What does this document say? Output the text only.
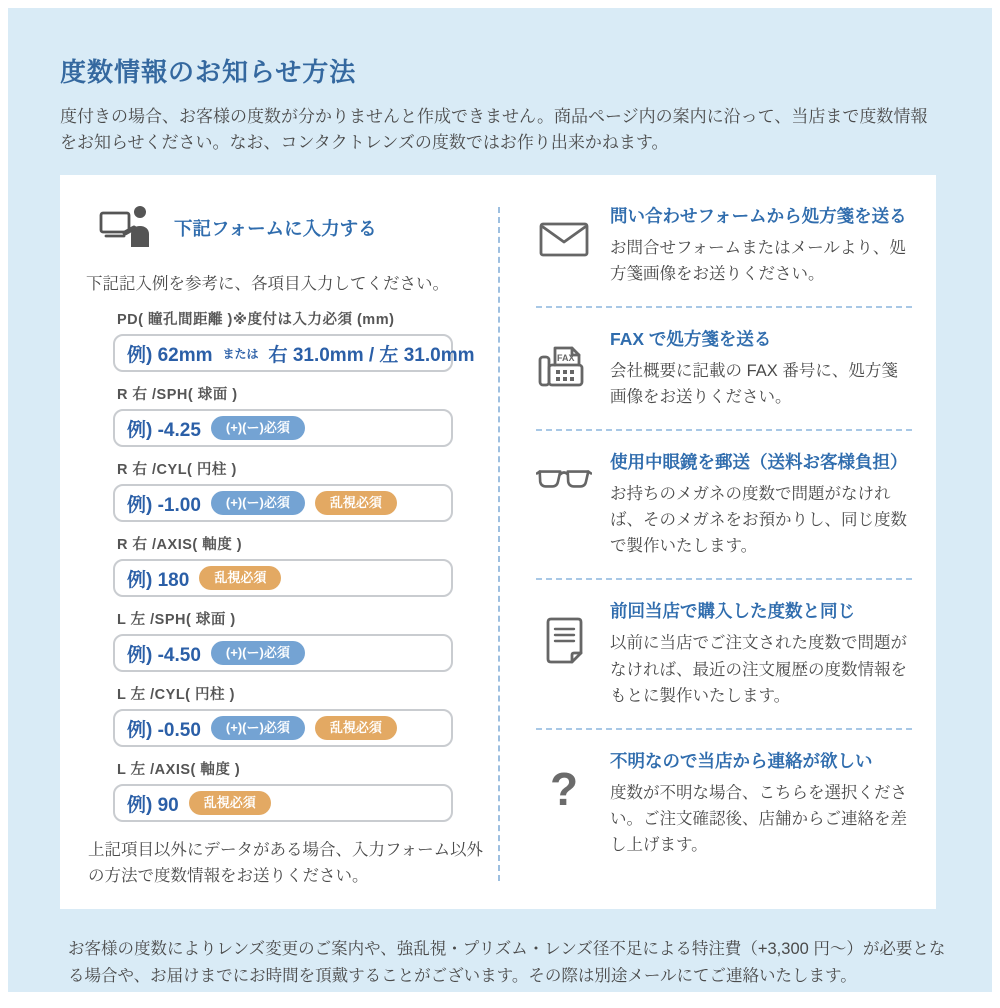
度数情報のお知らせ方法

度付きの場合、お客様の度数が分かりませんと作成できません。商品ページ内の案内に沿って、当店まで度数情報をお知らせください。なお、コンタクトレンズの度数ではお作り出来かねます。

下記フォームに入力する

下記記入例を参考に、各項目入力してください。

PD( 瞳孔間距離 )※度付は入力必須 (mm)
例) 62mm または 右 31.0mm / 左 31.0mm
R 右 /SPH( 球面 )
例) -4.25	(+)(ー)必須
R 右 /CYL( 円柱 )
例) -1.00	(+)(ー)必須	乱視必須
R 右 /AXIS( 軸度 )
例) 180	乱視必須
L 左 /SPH( 球面 )
例) -4.50	(+)(ー)必須
L 左 /CYL( 円柱 )
例) -0.50	(+)(ー)必須	乱視必須
L 左 /AXIS( 軸度 )
例) 90	乱視必須

上記項目以外にデータがある場合、入力フォーム以外の方法で度数情報をお送りください。

問い合わせフォームから処方箋を送る

お問合せフォームまたはメールより、処方箋画像をお送りください。

FAX
FAX で処方箋を送る

会社概要に記載の FAX 番号に、処方箋画像をお送りください。

使用中眼鏡を郵送（送料お客様負担）

お持ちのメガネの度数で問題がなければ、そのメガネをお預かりし、同じ度数で製作いたします。

前回当店で購入した度数と同じ

以前に当店でご注文された度数で問題がなければ、最近の注文履歴の度数情報をもとに製作いたします。

?
不明なので当店から連絡が欲しい

度数が不明な場合、こちらを選択ください。ご注文確認後、店舗からご連絡を差し上げます。

お客様の度数によりレンズ変更のご案内や、強乱視・プリズム・レンズ径不足による特注費（+3,300 円～）が必要となる場合や、お届けまでにお時間を頂戴することがございます。その際は別途メールにてご連絡いたします。
